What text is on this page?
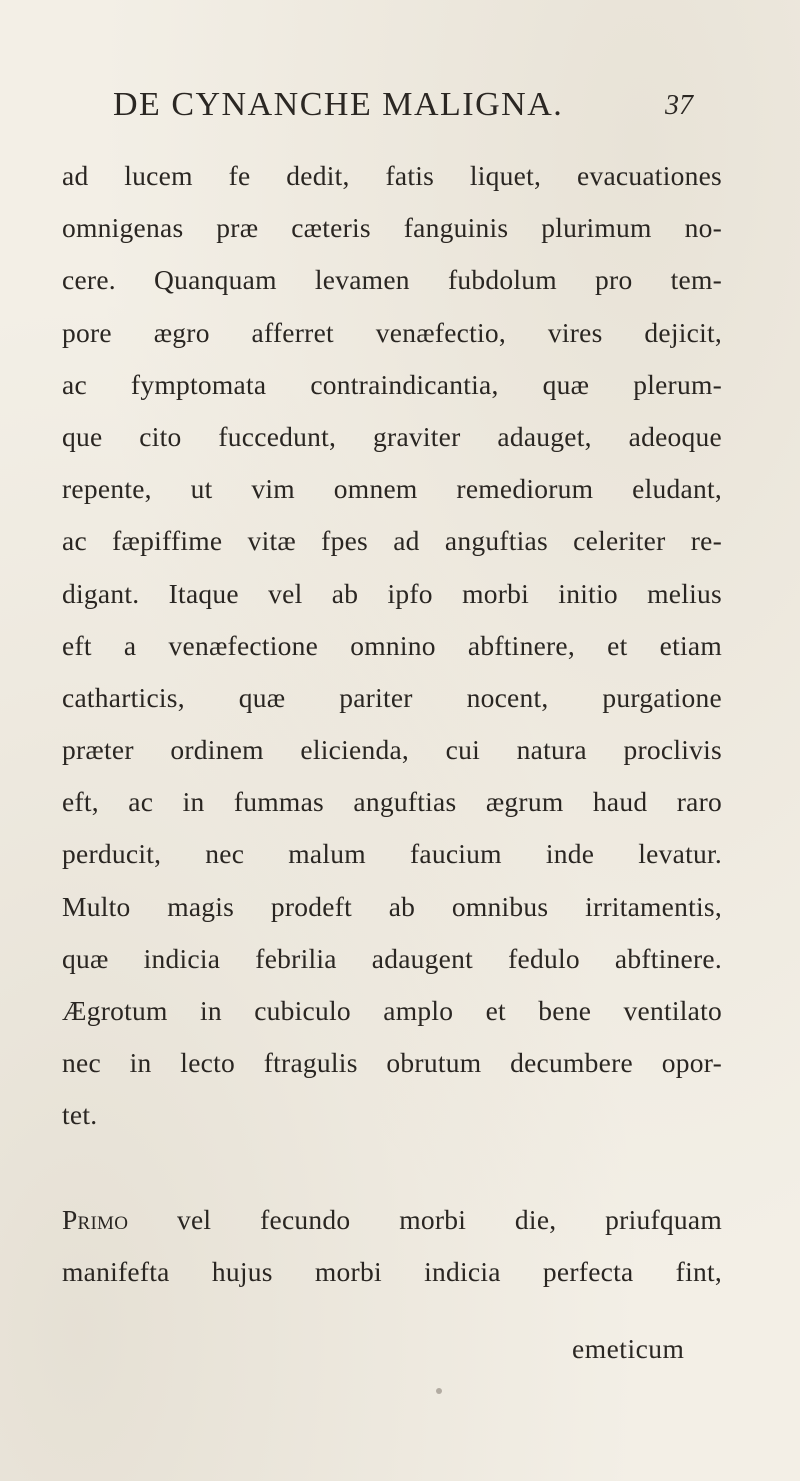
DE CYNANCHE MALIGNA.	37
ad lucem fe dedit, fatis liquet, evacuationes
omnigenas præ cæteris fanguinis plurimum no-
cere. Quanquam levamen fubdolum pro tem-
pore ægro afferret venæfectio, vires dejicit,
ac fymptomata contraindicantia, quæ plerum-
que cito fuccedunt, graviter adauget, adeoque
repente, ut vim omnem remediorum eludant,
ac fæpiffime vitæ fpes ad anguftias celeriter re-
digant. Itaque vel ab ipfo morbi initio melius
eft a venæfectione omnino abftinere, et etiam
catharticis, quæ pariter nocent, purgatione
præter ordinem elicienda, cui natura proclivis
eft, ac in fummas anguftias ægrum haud raro
perducit, nec malum faucium inde levatur.
Multo magis prodeft ab omnibus irritamentis,
quæ indicia febrilia adaugent fedulo abftinere.
Ægrotum in cubiculo amplo et bene ventilato
nec in lecto ftragulis obrutum decumbere opor-
tet.
Primo vel fecundo morbi die, priufquam
manifefta hujus morbi indicia perfecta fint,
emeticum
